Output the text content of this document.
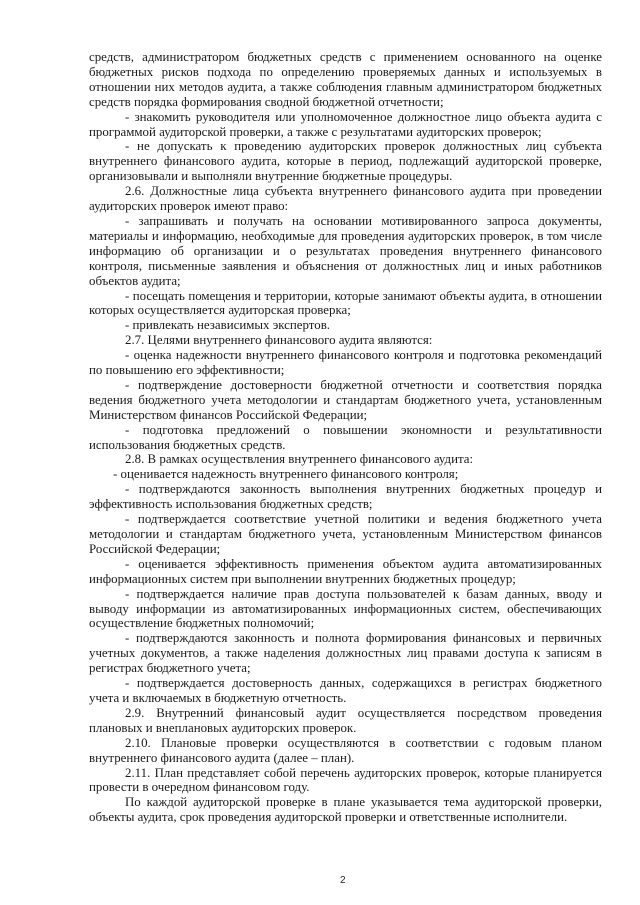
средств, администратором бюджетных средств с применением основанного на оценке бюджетных рисков подхода по определению проверяемых данных и используемых в отношении них методов аудита, а также соблюдения главным администратором бюджетных средств порядка формирования сводной бюджетной отчетности;

- знакомить руководителя или уполномоченное должностное лицо объекта аудита с программой аудиторской проверки, а также с результатами аудиторских проверок;

- не допускать к проведению аудиторских проверок должностных лиц субъекта внутреннего финансового аудита, которые в период, подлежащий аудиторской проверке, организовывали и выполняли внутренние бюджетные процедуры.

2.6. Должностные лица субъекта внутреннего финансового аудита при проведении аудиторских проверок имеют право:

- запрашивать и получать на основании мотивированного запроса документы, материалы и информацию, необходимые для проведения аудиторских проверок, в том числе информацию об организации и о результатах проведения внутреннего финансового контроля, письменные заявления и объяснения от должностных лиц и иных работников объектов аудита;

- посещать помещения и территории, которые занимают объекты аудита, в отношении которых осуществляется аудиторская проверка;

- привлекать независимых экспертов.

2.7. Целями внутреннего финансового аудита являются:

- оценка надежности внутреннего финансового контроля и подготовка рекомендаций по повышению его эффективности;

- подтверждение достоверности бюджетной отчетности и соответствия порядка ведения бюджетного учета методологии и стандартам бюджетного учета, установленным Министерством финансов Российской Федерации;

- подготовка предложений о повышении экономности и результативности использования бюджетных средств.

2.8. В рамках осуществления внутреннего финансового аудита:

- оценивается надежность внутреннего финансового контроля;

- подтверждаются законность выполнения внутренних бюджетных процедур и эффективность использования бюджетных средств;

- подтверждается соответствие учетной политики и ведения бюджетного учета методологии и стандартам бюджетного учета, установленным Министерством финансов Российской Федерации;

- оценивается эффективность применения объектом аудита автоматизированных информационных систем при выполнении внутренних бюджетных процедур;

- подтверждается наличие прав доступа пользователей к базам данных, вводу и выводу информации из автоматизированных информационных систем, обеспечивающих осуществление бюджетных полномочий;

- подтверждаются законность и полнота формирования финансовых и первичных учетных документов, а также наделения должностных лиц правами доступа к записям в регистрах бюджетного учета;

- подтверждается достоверность данных, содержащихся в регистрах бюджетного учета и включаемых в бюджетную отчетность.

2.9. Внутренний финансовый аудит осуществляется посредством проведения плановых и внеплановых аудиторских проверок.

2.10. Плановые проверки осуществляются в соответствии с годовым планом внутреннего финансового аудита (далее – план).

2.11. План представляет собой перечень аудиторских проверок, которые планируется провести в очередном финансовом году.

По каждой аудиторской проверке в плане указывается тема аудиторской проверки, объекты аудита, срок проведения аудиторской проверки и ответственные исполнители.

2
